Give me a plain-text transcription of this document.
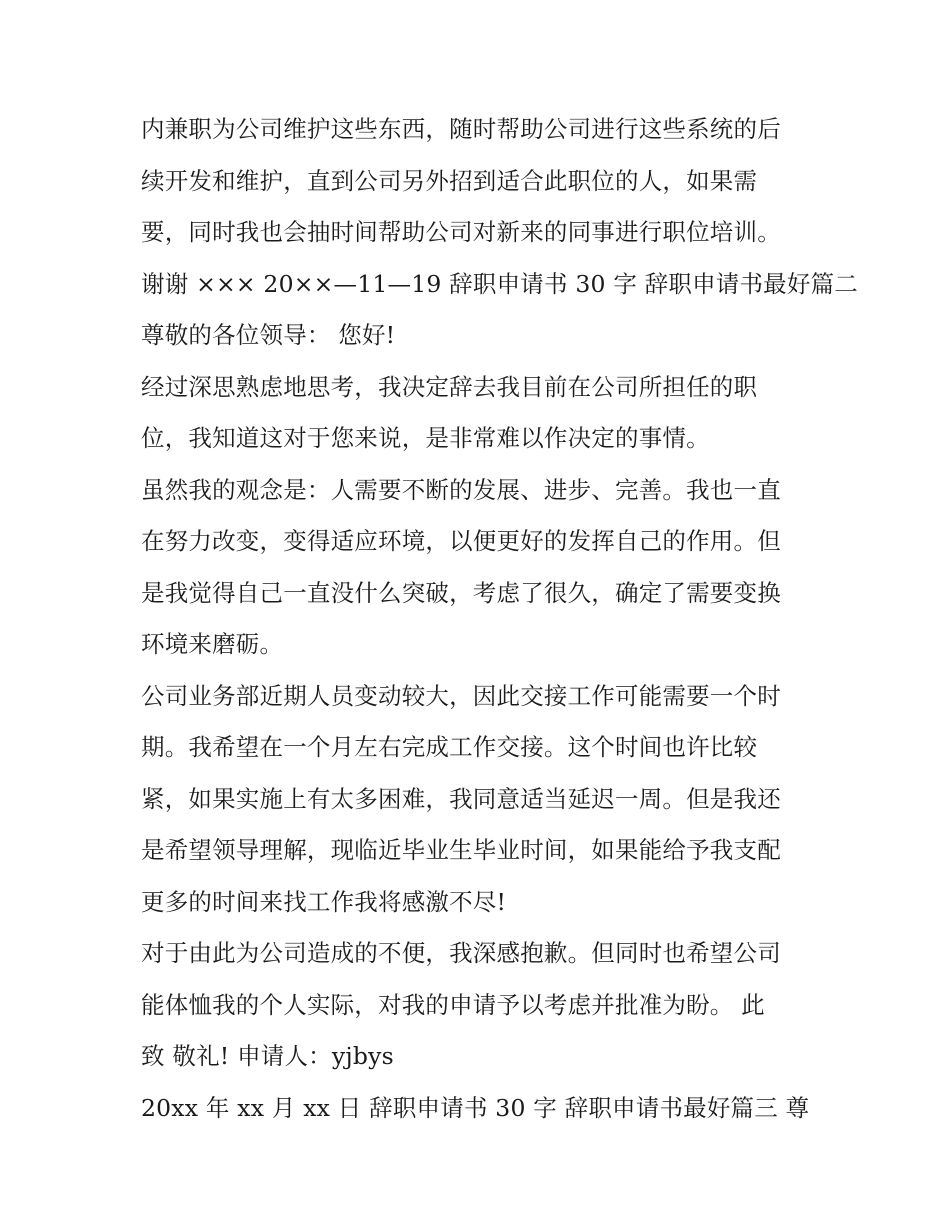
内兼职为公司维护这些东西，随时帮助公司进行这些系统的后
续开发和维护，直到公司另外招到适合此职位的人，如果需
要，同时我也会抽时间帮助公司对新来的同事进行职位培训。
谢谢 ××× 20××—11—19 辞职申请书 30 字 辞职申请书最好篇二
尊敬的各位领导： 您好!
经过深思熟虑地思考，我决定辞去我目前在公司所担任的职
位，我知道这对于您来说，是非常难以作决定的事情。
虽然我的观念是：人需要不断的发展、进步、完善。我也一直
在努力改变，变得适应环境，以便更好的发挥自己的作用。但
是我觉得自己一直没什么突破，考虑了很久，确定了需要变换
环境来磨砺。
公司业务部近期人员变动较大，因此交接工作可能需要一个时
期。我希望在一个月左右完成工作交接。这个时间也许比较
紧，如果实施上有太多困难，我同意适当延迟一周。但是我还
是希望领导理解，现临近毕业生毕业时间，如果能给予我支配
更多的时间来找工作我将感激不尽!
对于由此为公司造成的不便，我深感抱歉。但同时也希望公司
能体恤我的个人实际，对我的申请予以考虑并批准为盼。 此
致 敬礼! 申请人：yjbys
20xx 年 xx 月 xx 日 辞职申请书 30 字 辞职申请书最好篇三 尊
